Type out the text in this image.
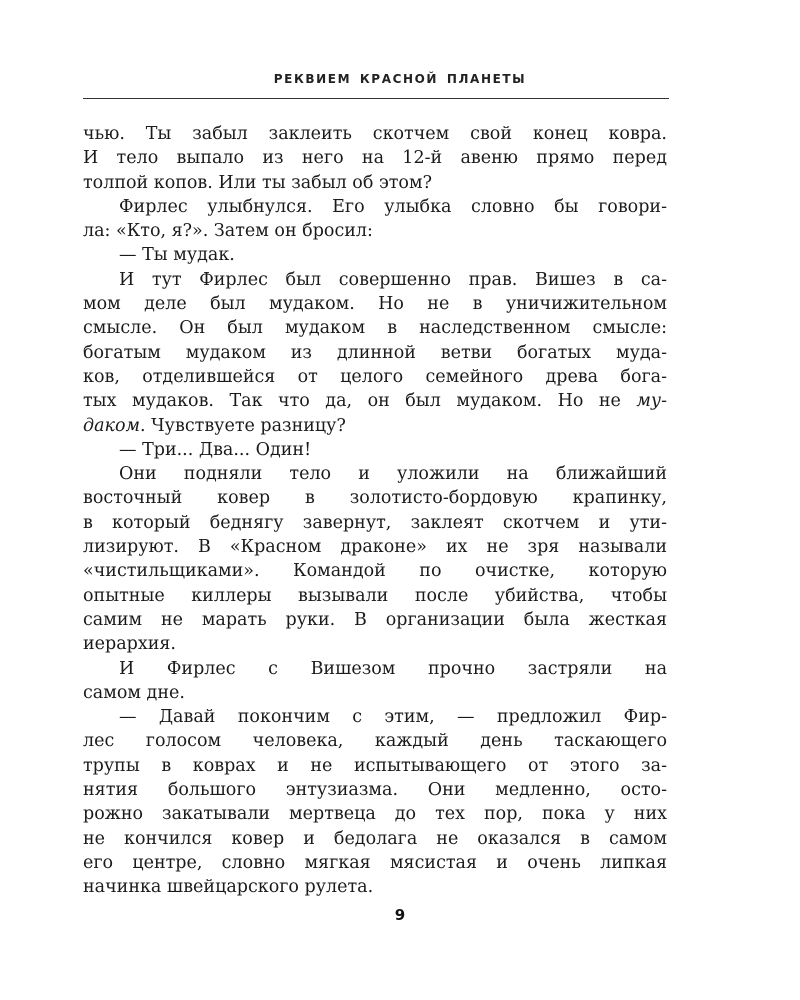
РЕКВИЕМ КРАСНОЙ ПЛАНЕТЫ
чью. Ты забыл заклеить скотчем свой конец ковра.
И тело выпало из него на 12-й авеню прямо перед
толпой копов. Или ты забыл об этом?
Фирлес улыбнулся. Его улыбка словно бы говори-
ла: «Кто, я?». Затем он бросил:
— Ты мудак.
И тут Фирлес был совершенно прав. Вишез в са-
мом деле был мудаком. Но не в уничижительном
смысле. Он был мудаком в наследственном смысле:
богатым мудаком из длинной ветви богатых муда-
ков, отделившейся от целого семейного древа бога-
тых мудаков. Так что да, он был мудаком. Но не му-
даком. Чувствуете разницу?
— Три... Два... Один!
Они подняли тело и уложили на ближайший
восточный ковер в золотисто-бордовую крапинку,
в который беднягу завернут, заклеят скотчем и ути-
лизируют. В «Красном драконе» их не зря называли
«чистильщиками». Командой по очистке, которую
опытные киллеры вызывали после убийства, чтобы
самим не марать руки. В организации была жесткая
иерархия.
И Фирлес с Вишезом прочно застряли на
самом дне.
— Давай покончим с этим, — предложил Фир-
лес голосом человека, каждый день таскающего
трупы в коврах и не испытывающего от этого за-
нятия большого энтузиазма. Они медленно, осто-
рожно закатывали мертвеца до тех пор, пока у них
не кончился ковер и бедолага не оказался в самом
его центре, словно мягкая мясистая и очень липкая
начинка швейцарского рулета.
9
